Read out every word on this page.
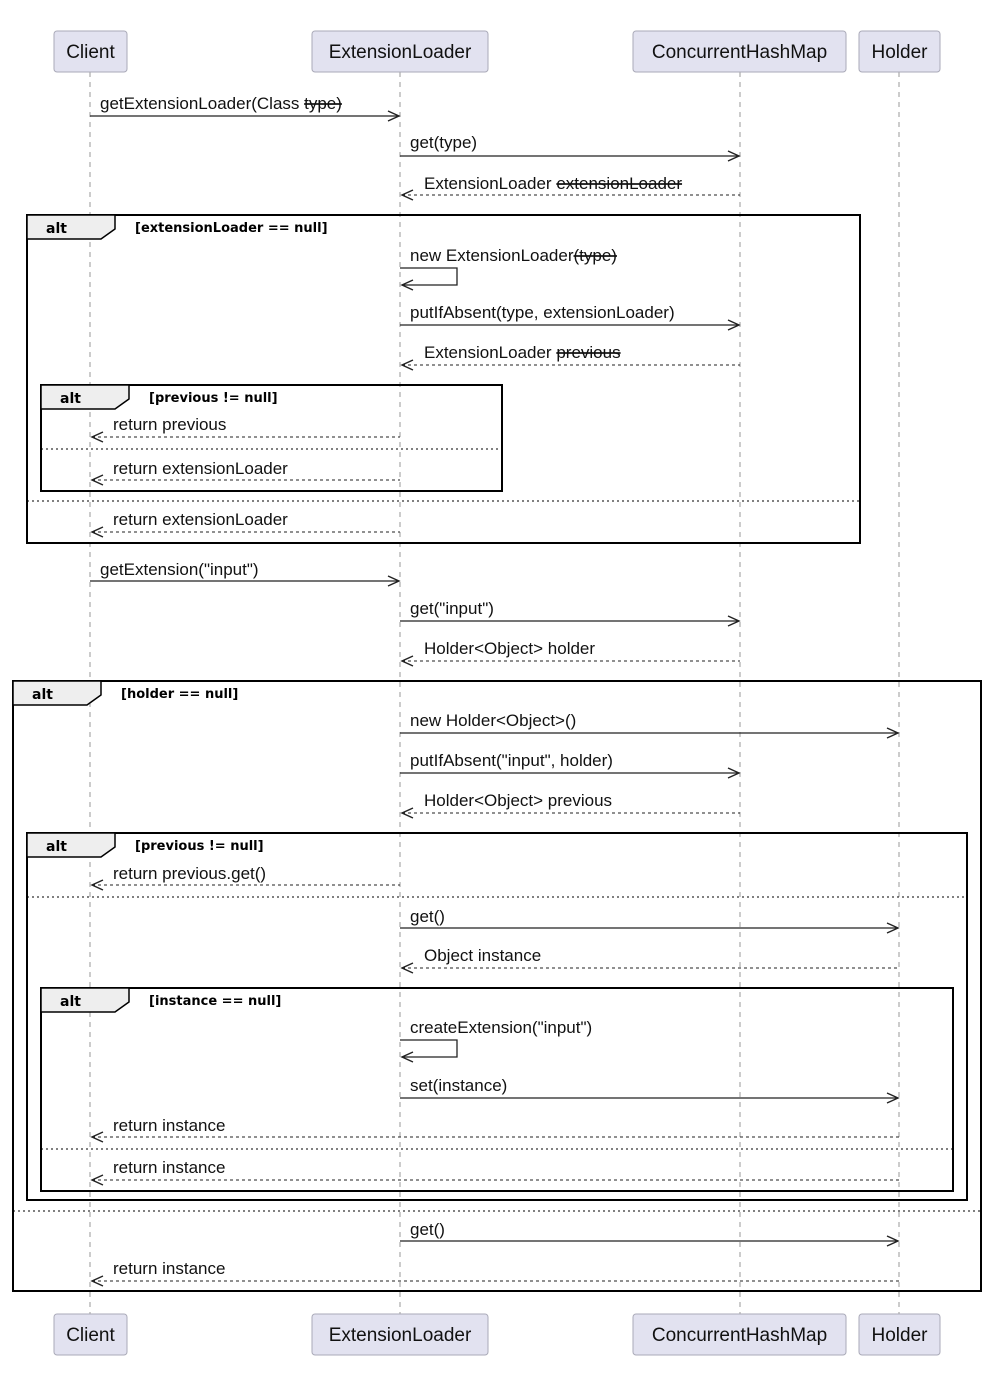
Client	ExtensionLoader	ConcurrentHashMap Holder
Client	ExtensionLoader	ConcurrentHashMap Holder
alt	[extensionLoader == null]
alt	[previous != null]
alt	[holder == null]
alt	[previous != null]
alt	[instance == null]
getExtensionLoader(Class type)
get(type)
ExtensionLoader extensionLoader
new ExtensionLoader(type)
putIfAbsent(type, extensionLoader)
ExtensionLoader previous
return previous
return extensionLoader
return extensionLoader
getExtension("input")
get("input")
Holder<Object> holder
new Holder<Object>()
putIfAbsent("input", holder)
Holder<Object> previous
return previous.get()
get()
Object instance
createExtension("input")
set(instance)
return instance
return instance
get()
return instance
